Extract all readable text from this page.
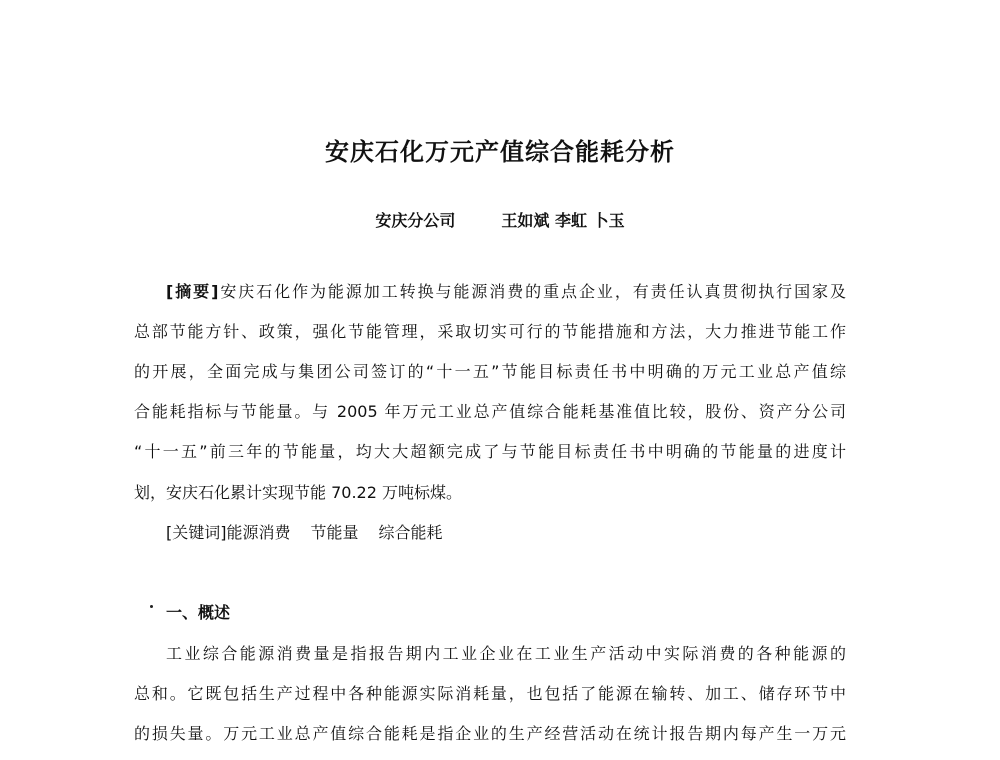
安庆石化万元产值综合能耗分析
安庆分公司	王如斌 李虹 卜玉
[摘要]安庆石化作为能源加工转换与能源消费的重点企业，有责任认真贯彻执行国家及
总部节能方针、政策，强化节能管理，采取切实可行的节能措施和方法，大力推进节能工作
的开展，全面完成与集团公司签订的“十一五”节能目标责任书中明确的万元工业总产值综
合能耗指标与节能量。与 2005 年万元工业总产值综合能耗基准值比较，股份、资产分公司
“十一五”前三年的节能量，均大大超额完成了与节能目标责任书中明确的节能量的进度计
划，安庆石化累计实现节能 70.22 万吨标煤。
[关键词]能源消费 节能量 综合能耗
一、概述
工业综合能源消费量是指报告期内工业企业在工业生产活动中实际消费的各种能源的
总和。它既包括生产过程中各种能源实际消耗量，也包括了能源在输转、加工、储存环节中
的损失量。万元工业总产值综合能耗是指企业的生产经营活动在统计报告期内每产生一万元
